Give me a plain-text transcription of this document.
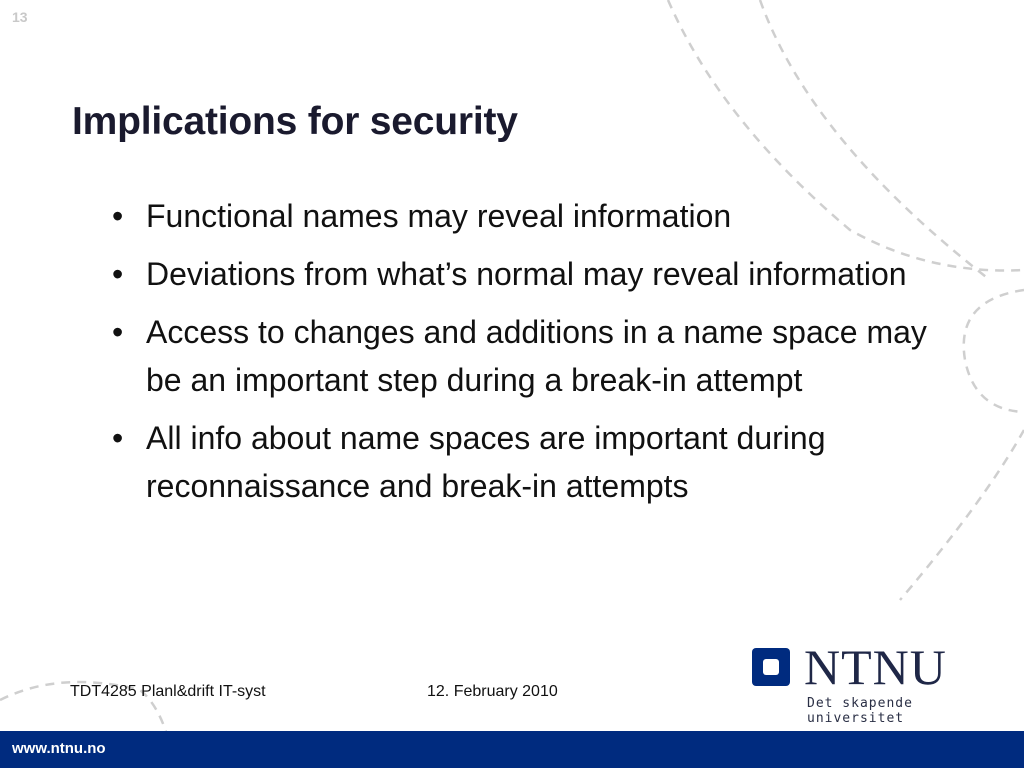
13
Implications for security
• Functional names may reveal information
• Deviations from what’s normal may reveal information
• Access to changes and additions in a name space may be an important step during a break-in attempt
• All info about name spaces are important during reconnaissance and break-in attempts
TDT4285 Planl&drift IT-syst	12. February 2010	NTNU
Det skapende universitet
www.ntnu.no
